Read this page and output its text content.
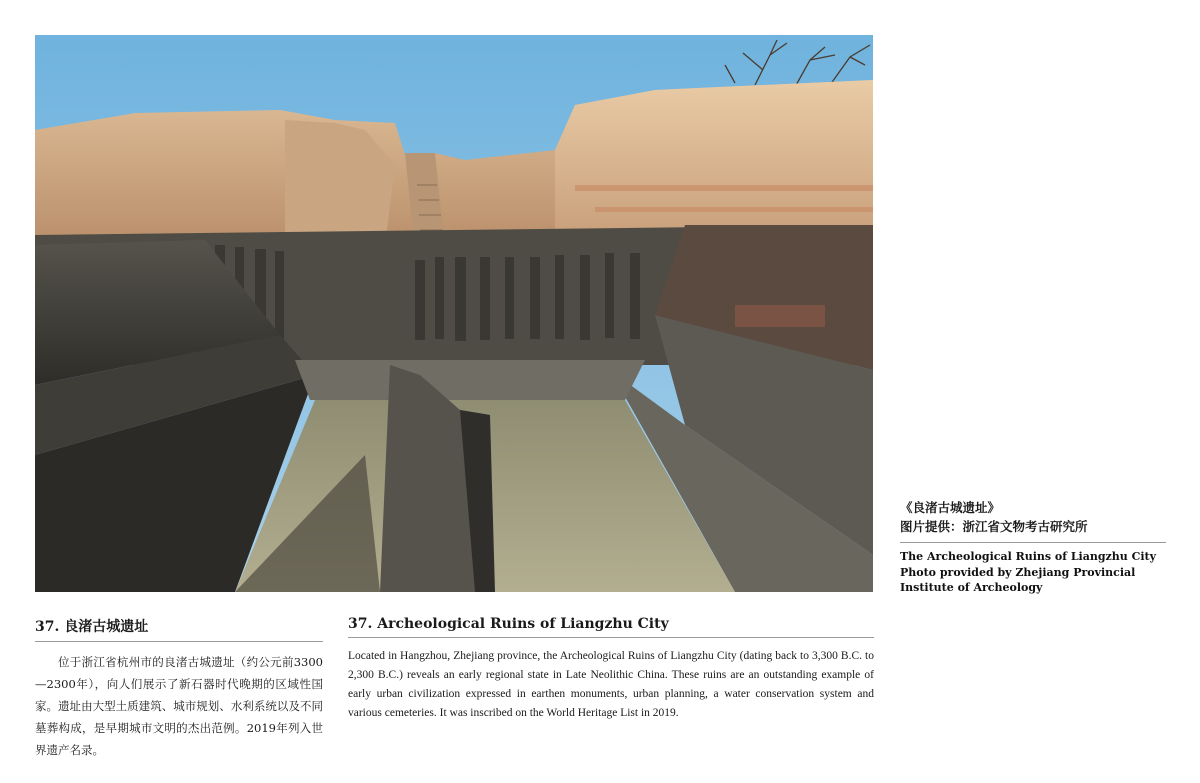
《良渚古城遗址》
图片提供：浙江省文物考古研究所
The Archeological Ruins of Liangzhu City
Photo provided by Zhejiang Provincial Institute of Archeology
37. 良渚古城遗址

位于浙江省杭州市的良渚古城遗址（约公元前3300—2300年），向人们展示了新石器时代晚期的区域性国家。遗址由大型土质建筑、城市规划、水利系统以及不同墓葬构成，是早期城市文明的杰出范例。2019年列入世界遗产名录。

37. Archeological Ruins of Liangzhu City

Located in Hangzhou, Zhejiang province, the Archeological Ruins of Liangzhu City (dating back to 3,300 B.C. to 2,300 B.C.) reveals an early regional state in Late Neolithic China. These ruins are an outstanding example of early urban civilization expressed in earthen monuments, urban planning, a water conservation system and various cemeteries. It was inscribed on the World Heritage List in 2019.
